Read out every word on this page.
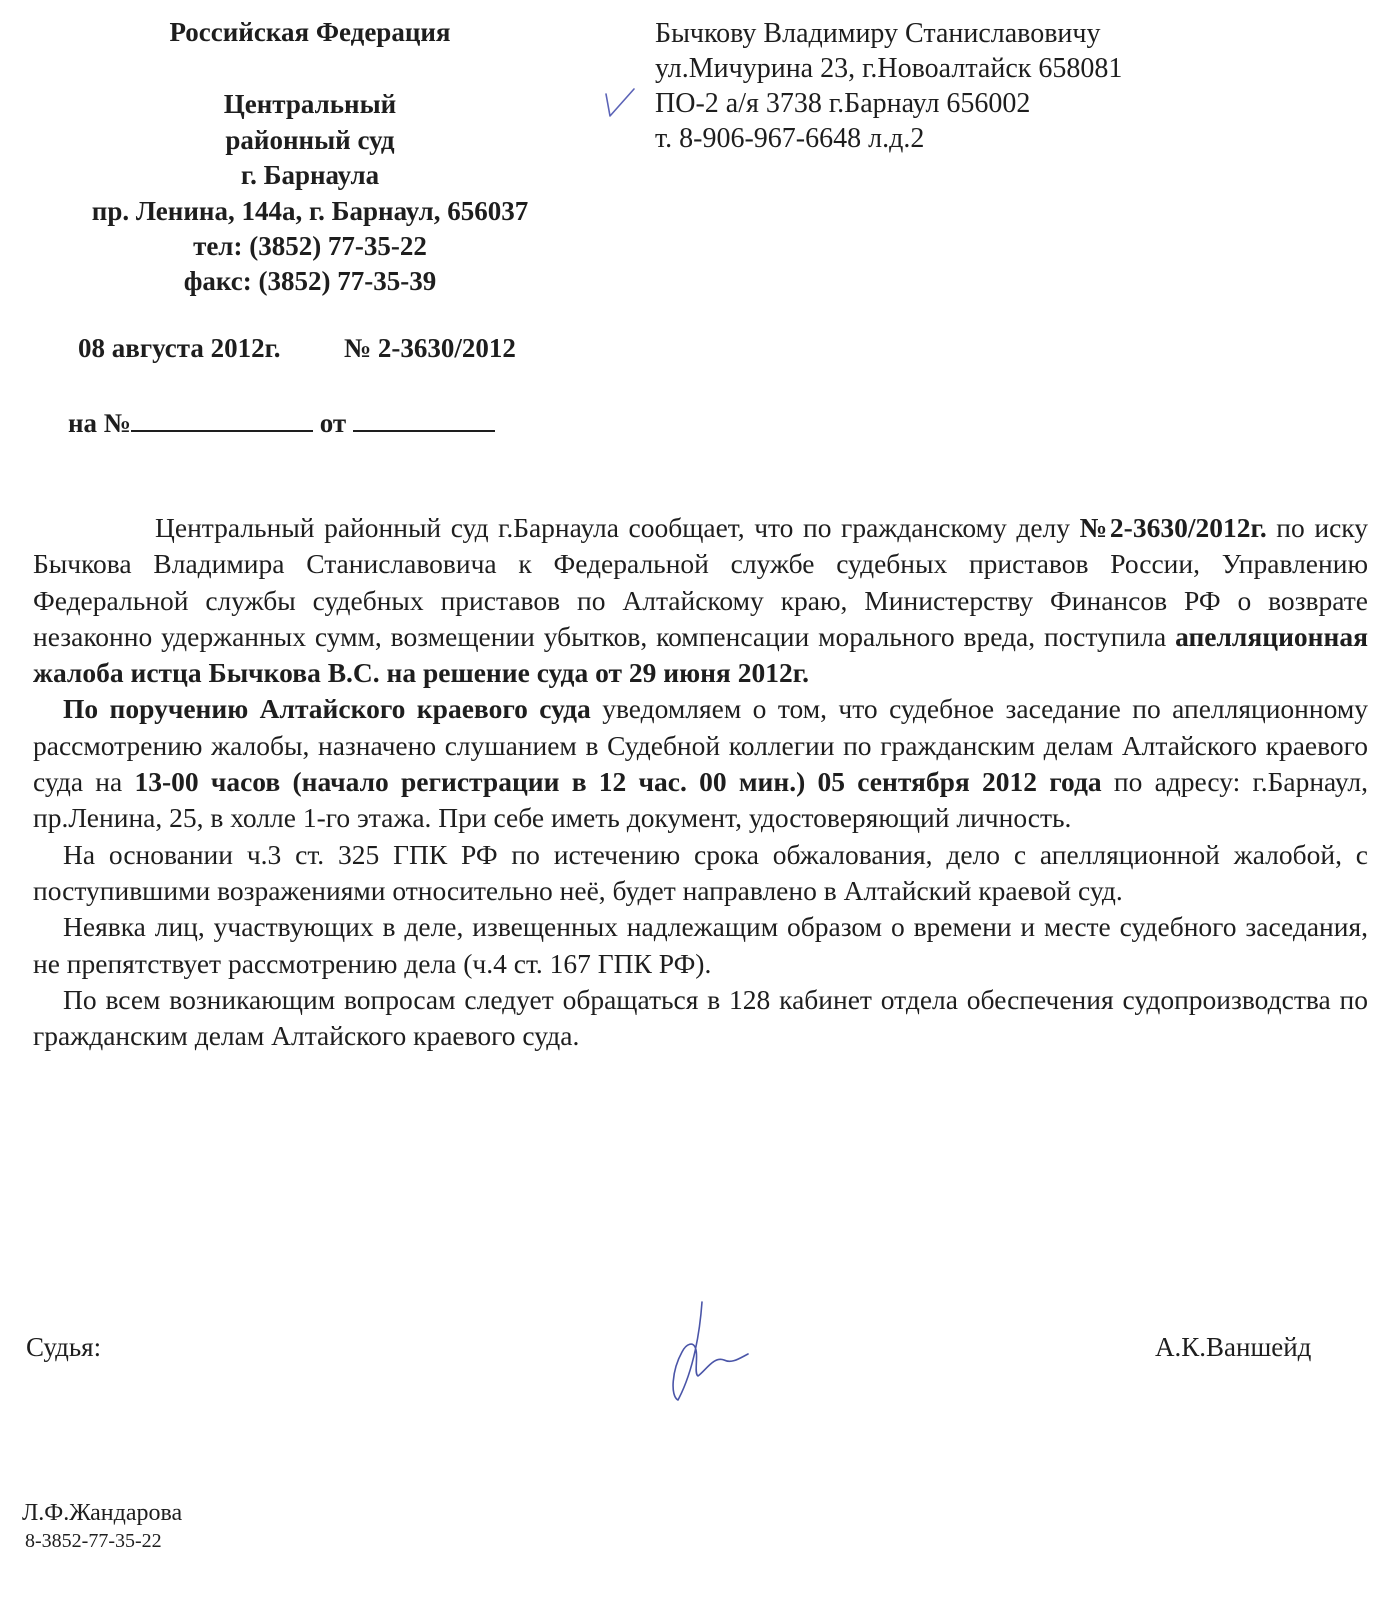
Российская Федерация
Центральный
районный суд
г. Барнаула
пр. Ленина, 144а, г. Барнаул, 656037
тел: (3852) 77-35-22
факс: (3852) 77-35-39
08 августа 2012г. № 2-3630/2012
на №	от
Бычкову Владимиру Станиславовичу
ул.Мичурина 23, г.Новоалтайск 658081
ПО-2 а/я 3738 г.Барнаул 656002
т. 8-906-967-6648 л.д.2

Центральный районный суд г.Барнаула сообщает, что по гражданскому делу №2-3630/2012г. по иску Бычкова Владимира Станиславовича к Федеральной службе судебных приставов России, Управлению Федеральной службы судебных приставов по Алтайскому краю, Министерству Финансов РФ о возврате незаконно удержанных сумм, возмещении убытков, компенсации морального вреда, поступила апелляционная жалоба истца Бычкова В.С. на решение суда от 29 июня 2012г.

По поручению Алтайского краевого суда уведомляем о том, что судебное заседание по апелляционному рассмотрению жалобы, назначено слушанием в Судебной коллегии по гражданским делам Алтайского краевого суда на 13-00 часов (начало регистрации в 12 час. 00 мин.) 05 сентября 2012 года по адресу: г.Барнаул, пр.Ленина, 25, в холле 1-го этажа. При себе иметь документ, удостоверяющий личность.

На основании ч.3 ст. 325 ГПК РФ по истечению срока обжалования, дело с апелляционной жалобой, с поступившими возражениями относительно неё, будет направлено в Алтайский краевой суд.

Неявка лиц, участвующих в деле, извещенных надлежащим образом о времени и месте судебного заседания, не препятствует рассмотрению дела (ч.4 ст. 167 ГПК РФ).

По всем возникающим вопросам следует обращаться в 128 кабинет отдела обеспечения судопроизводства по гражданским делам Алтайского краевого суда.

Судья:	А.К.Ваншейд
Л.Ф.Жандарова
8-3852-77-35-22
